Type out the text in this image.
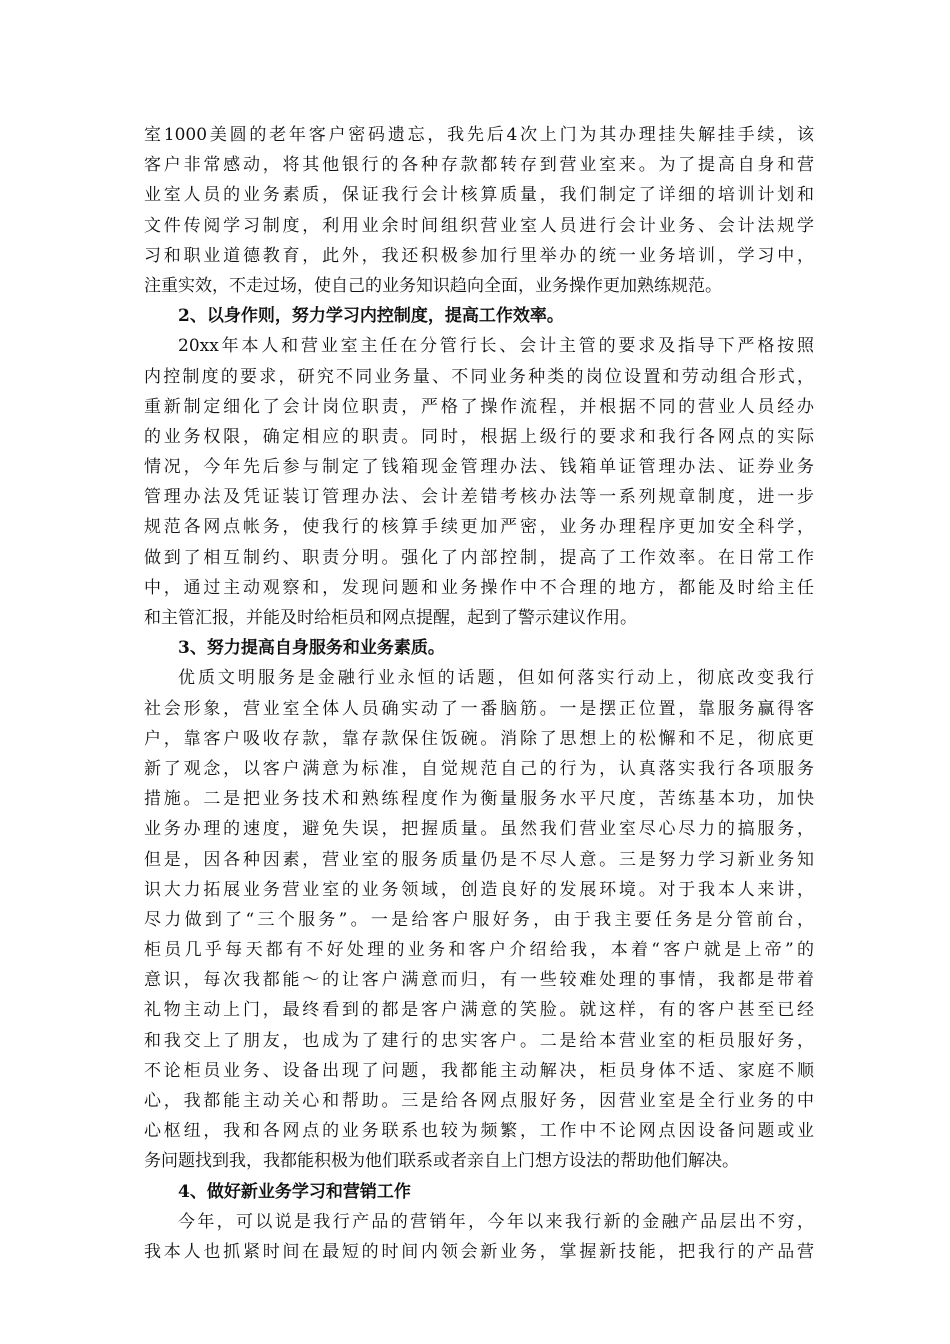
室1000美圆的老年客户密码遗忘，我先后4次上门为其办理挂失解挂手续，该
客户非常感动，将其他银行的各种存款都转存到营业室来。为了提高自身和营
业室人员的业务素质，保证我行会计核算质量，我们制定了详细的培训计划和
文件传阅学习制度，利用业余时间组织营业室人员进行会计业务、会计法规学
习和职业道德教育，此外，我还积极参加行里举办的统一业务培训，学习中，
注重实效，不走过场，使自己的业务知识趋向全面，业务操作更加熟练规范。
2、以身作则，努力学习内控制度，提高工作效率。
20xx年本人和营业室主任在分管行长、会计主管的要求及指导下严格按照
内控制度的要求，研究不同业务量、不同业务种类的岗位设置和劳动组合形式，
重新制定细化了会计岗位职责，严格了操作流程，并根据不同的营业人员经办
的业务权限，确定相应的职责。同时，根据上级行的要求和我行各网点的实际
情况，今年先后参与制定了钱箱现金管理办法、钱箱单证管理办法、证券业务
管理办法及凭证装订管理办法、会计差错考核办法等一系列规章制度，进一步
规范各网点帐务，使我行的核算手续更加严密，业务办理程序更加安全科学，
做到了相互制约、职责分明。强化了内部控制，提高了工作效率。在日常工作
中，通过主动观察和，发现问题和业务操作中不合理的地方，都能及时给主任
和主管汇报，并能及时给柜员和网点提醒，起到了警示建议作用。
3、努力提高自身服务和业务素质。
优质文明服务是金融行业永恒的话题，但如何落实行动上，彻底改变我行
社会形象，营业室全体人员确实动了一番脑筋。一是摆正位置，靠服务赢得客
户，靠客户吸收存款，靠存款保住饭碗。消除了思想上的松懈和不足，彻底更
新了观念，以客户满意为标准，自觉规范自己的行为，认真落实我行各项服务
措施。二是把业务技术和熟练程度作为衡量服务水平尺度，苦练基本功，加快
业务办理的速度，避免失误，把握质量。虽然我们营业室尽心尽力的搞服务，
但是，因各种因素，营业室的服务质量仍是不尽人意。三是努力学习新业务知
识大力拓展业务营业室的业务领域，创造良好的发展环境。对于我本人来讲，
尽力做到了“三个服务”。一是给客户服好务，由于我主要任务是分管前台，
柜员几乎每天都有不好处理的业务和客户介绍给我，本着“客户就是上帝”的
意识，每次我都能～的让客户满意而归，有一些较难处理的事情，我都是带着
礼物主动上门，最终看到的都是客户满意的笑脸。就这样，有的客户甚至已经
和我交上了朋友，也成为了建行的忠实客户。二是给本营业室的柜员服好务，
不论柜员业务、设备出现了问题，我都能主动解决，柜员身体不适、家庭不顺
心，我都能主动关心和帮助。三是给各网点服好务，因营业室是全行业务的中
心枢纽，我和各网点的业务联系也较为频繁，工作中不论网点因设备问题或业
务问题找到我，我都能积极为他们联系或者亲自上门想方设法的帮助他们解决。
4、做好新业务学习和营销工作
今年，可以说是我行产品的营销年，今年以来我行新的金融产品层出不穷，
我本人也抓紧时间在最短的时间内领会新业务，掌握新技能，把我行的产品营
